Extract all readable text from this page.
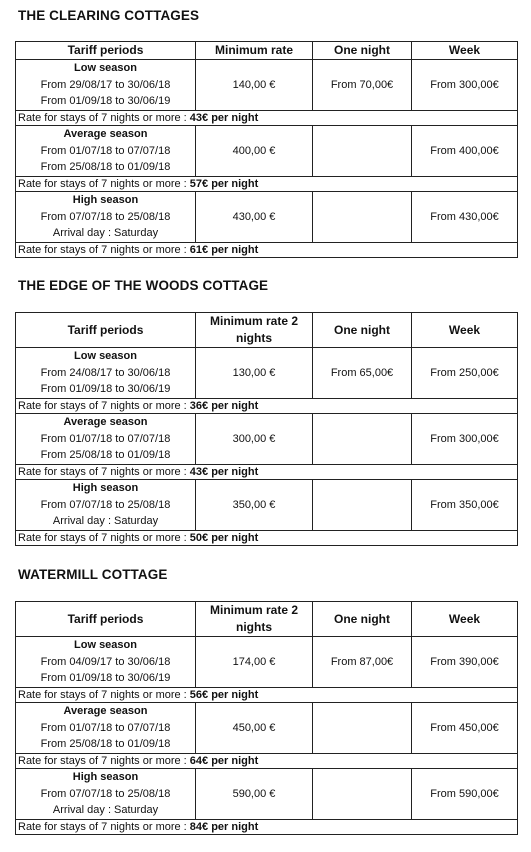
THE CLEARING COTTAGES
Tariff periods	Minimum rate	One night	Week

Low season
From 29/08/17 to 30/06/18
From 01/09/18 to 30/06/19	140,00 €	From 70,00€	From 300,00€
Rate for stays of 7 nights or more : 43€ per night			

Average season
From 01/07/18 to 07/07/18
From 25/08/18 to 01/09/18	400,00 €		From 400,00€
Rate for stays of 7 nights or more : 57€ per night			

High season
From 07/07/18 to 25/08/18
Arrival day : Saturday	430,00 €		From 430,00€
Rate for stays of 7 nights or more : 61€ per night			
THE EDGE OF THE WOODS COTTAGE
Tariff periods	Minimum rate 2 nights	One night	Week

Low season
From 24/08/17 to 30/06/18
From 01/09/18 to 30/06/19	130,00 €	From 65,00€	From 250,00€
Rate for stays of 7 nights or more : 36€ per night			

Average season
From 01/07/18 to 07/07/18
From 25/08/18 to 01/09/18	300,00 €		From 300,00€
Rate for stays of 7 nights or more : 43€ per night			

High season
From 07/07/18 to 25/08/18
Arrival day : Saturday	350,00 €		From 350,00€
Rate for stays of 7 nights or more : 50€ per night			
WATERMILL COTTAGE
Tariff periods	Minimum rate 2 nights	One night	Week

Low season
From 04/09/17 to 30/06/18
From 01/09/18 to 30/06/19	174,00 €	From 87,00€	From 390,00€
Rate for stays of 7 nights or more : 56€ per night			

Average season
From 01/07/18 to 07/07/18
From 25/08/18 to 01/09/18	450,00 €		From 450,00€
Rate for stays of 7 nights or more : 64€ per night			

High season
From 07/07/18 to 25/08/18
Arrival day : Saturday	590,00 €		From 590,00€
Rate for stays of 7 nights or more : 84€ per night			
